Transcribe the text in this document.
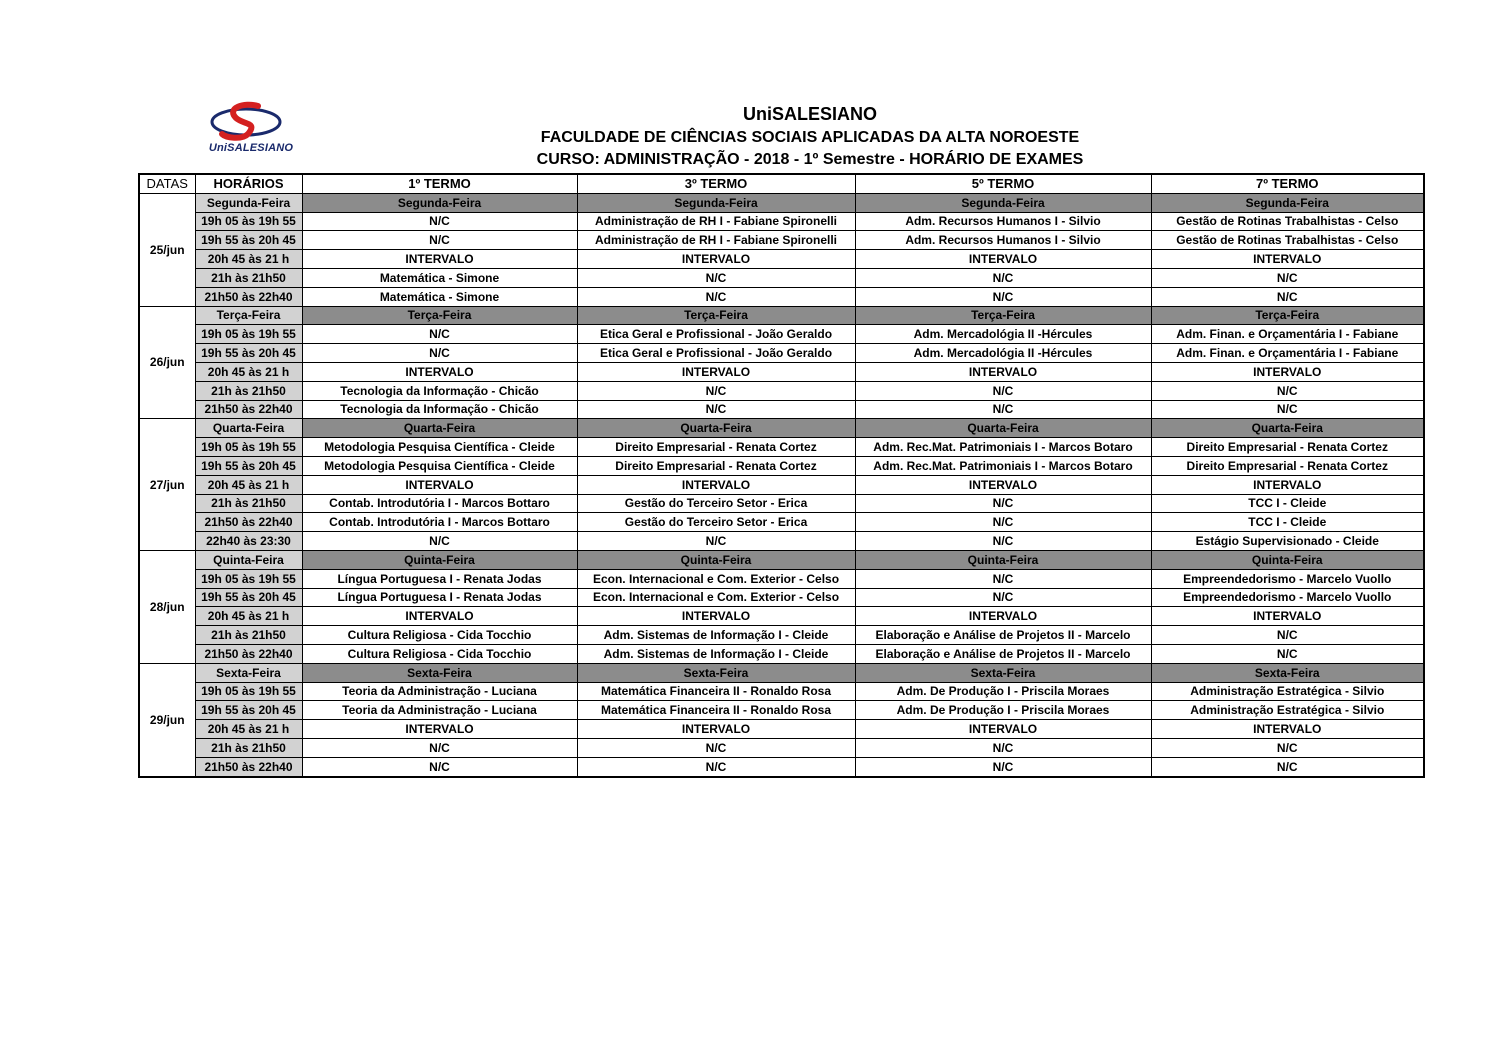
UniSALESIANO
UniSALESIANO
FACULDADE DE CIÊNCIAS SOCIAIS APLICADAS DA ALTA NOROESTE
CURSO: ADMINISTRAÇÃO - 2018 - 1º Semestre - HORÁRIO DE EXAMES
DATAS	HORÁRIOS	1º TERMO	3º TERMO	5º TERMO	7º TERMO
25/jun	Segunda-Feira	Segunda-Feira	Segunda-Feira	Segunda-Feira	Segunda-Feira
	19h 05 às 19h 55	N/C	Administração de RH I - Fabiane Spironelli	Adm. Recursos Humanos I - Silvio	Gestão de Rotinas Trabalhistas - Celso
	19h 55 às 20h 45	N/C	Administração de RH I - Fabiane Spironelli	Adm. Recursos Humanos I - Silvio	Gestão de Rotinas Trabalhistas - Celso
	20h 45 às 21 h	INTERVALO	INTERVALO	INTERVALO	INTERVALO
	21h às 21h50	Matemática - Simone	N/C	N/C	N/C
	21h50 às 22h40	Matemática - Simone	N/C	N/C	N/C
26/jun	Terça-Feira	Terça-Feira	Terça-Feira	Terça-Feira	Terça-Feira
	19h 05 às 19h 55	N/C	Etica Geral e Profissional - João Geraldo	Adm. Mercadológia II -Hércules	Adm. Finan. e Orçamentária I - Fabiane
	19h 55 às 20h 45	N/C	Etica Geral e Profissional - João Geraldo	Adm. Mercadológia II -Hércules	Adm. Finan. e Orçamentária I - Fabiane
	20h 45 às 21 h	INTERVALO	INTERVALO	INTERVALO	INTERVALO
	21h às 21h50	Tecnologia da Informação - Chicão	N/C	N/C	N/C
	21h50 às 22h40	Tecnologia da Informação - Chicão	N/C	N/C	N/C
27/jun	Quarta-Feira	Quarta-Feira	Quarta-Feira	Quarta-Feira	Quarta-Feira
	19h 05 às 19h 55	Metodologia Pesquisa Científica - Cleide	Direito Empresarial - Renata Cortez	Adm. Rec.Mat. Patrimoniais I - Marcos Botaro	Direito Empresarial - Renata Cortez
	19h 55 às 20h 45	Metodologia Pesquisa Científica - Cleide	Direito Empresarial - Renata Cortez	Adm. Rec.Mat. Patrimoniais I - Marcos Botaro	Direito Empresarial - Renata Cortez
	20h 45 às 21 h	INTERVALO	INTERVALO	INTERVALO	INTERVALO
	21h às 21h50	Contab. Introdutória I - Marcos Bottaro	Gestão do Terceiro Setor - Erica	N/C	TCC I - Cleide
	21h50 às 22h40	Contab. Introdutória I - Marcos Bottaro	Gestão do Terceiro Setor - Erica	N/C	TCC I - Cleide
	22h40 às 23:30	N/C	N/C	N/C	Estágio Supervisionado - Cleide
28/jun	Quinta-Feira	Quinta-Feira	Quinta-Feira	Quinta-Feira	Quinta-Feira
	19h 05 às 19h 55	Língua Portuguesa I - Renata Jodas	Econ. Internacional e Com. Exterior - Celso	N/C	Empreendedorismo - Marcelo Vuollo
	19h 55 às 20h 45	Língua Portuguesa I - Renata Jodas	Econ. Internacional e Com. Exterior - Celso	N/C	Empreendedorismo - Marcelo Vuollo
	20h 45 às 21 h	INTERVALO	INTERVALO	INTERVALO	INTERVALO
	21h às 21h50	Cultura Religiosa - Cida Tocchio	Adm. Sistemas de Informação I - Cleide	Elaboração e Análise de Projetos II - Marcelo	N/C
	21h50 às 22h40	Cultura Religiosa - Cida Tocchio	Adm. Sistemas de Informação I - Cleide	Elaboração e Análise de Projetos II - Marcelo	N/C
29/jun	Sexta-Feira	Sexta-Feira	Sexta-Feira	Sexta-Feira	Sexta-Feira
	19h 05 às 19h 55	Teoria da Administração - Luciana	Matemática Financeira II - Ronaldo Rosa	Adm. De Produção I - Priscila Moraes	Administração Estratégica - Silvio
	19h 55 às 20h 45	Teoria da Administração - Luciana	Matemática Financeira II - Ronaldo Rosa	Adm. De Produção I - Priscila Moraes	Administração Estratégica - Silvio
	20h 45 às 21 h	INTERVALO	INTERVALO	INTERVALO	INTERVALO
	21h às 21h50	N/C	N/C	N/C	N/C
	21h50 às 22h40	N/C	N/C	N/C	N/C
